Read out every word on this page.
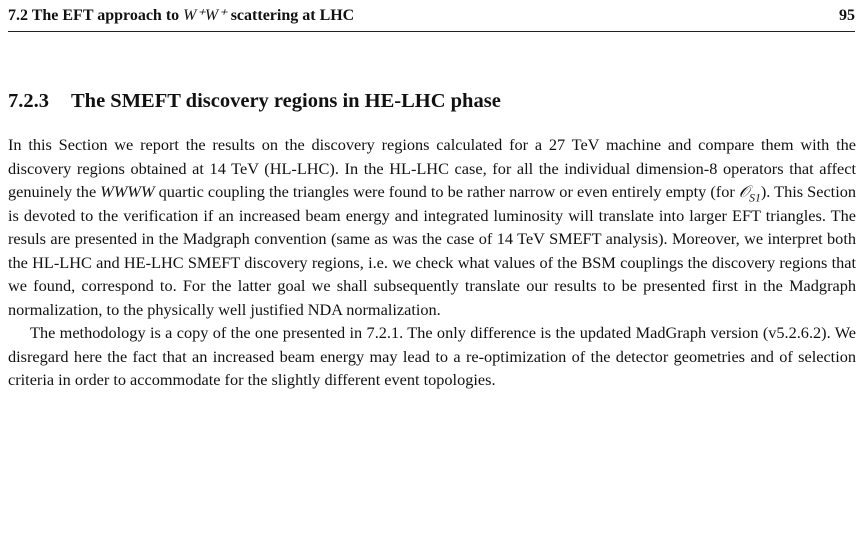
7.2 The EFT approach to W⁺W⁺ scattering at LHC	95
7.2.3 The SMEFT discovery regions in HE-LHC phase

In this Section we report the results on the discovery regions calculated for a 27 TeV machine and compare them with the discovery regions obtained at 14 TeV (HL-LHC). In the HL-LHC case, for all the individual dimension-8 operators that affect genuinely the WWWW quartic coupling the triangles were found to be rather narrow or even entirely empty (for 𝒪$_{S1}$). This Section is devoted to the verification if an increased beam energy and integrated luminosity will translate into larger EFT triangles. The resuls are presented in the Madgraph convention (same as was the case of 14 TeV SMEFT analysis). Moreover, we interpret both the HL-LHC and HE-LHC SMEFT discovery regions, i.e. we check what values of the BSM couplings the discovery regions that we found, correspond to. For the latter goal we shall subsequently translate our results to be presented first in the Madgraph normalization, to the physically well justified NDA normalization.

The methodology is a copy of the one presented in 7.2.1. The only difference is the updated MadGraph version (v5.2.6.2). We disregard here the fact that an increased beam energy may lead to a re-optimization of the detector geometries and of selection criteria in order to accommodate for the slightly different event topologies.
